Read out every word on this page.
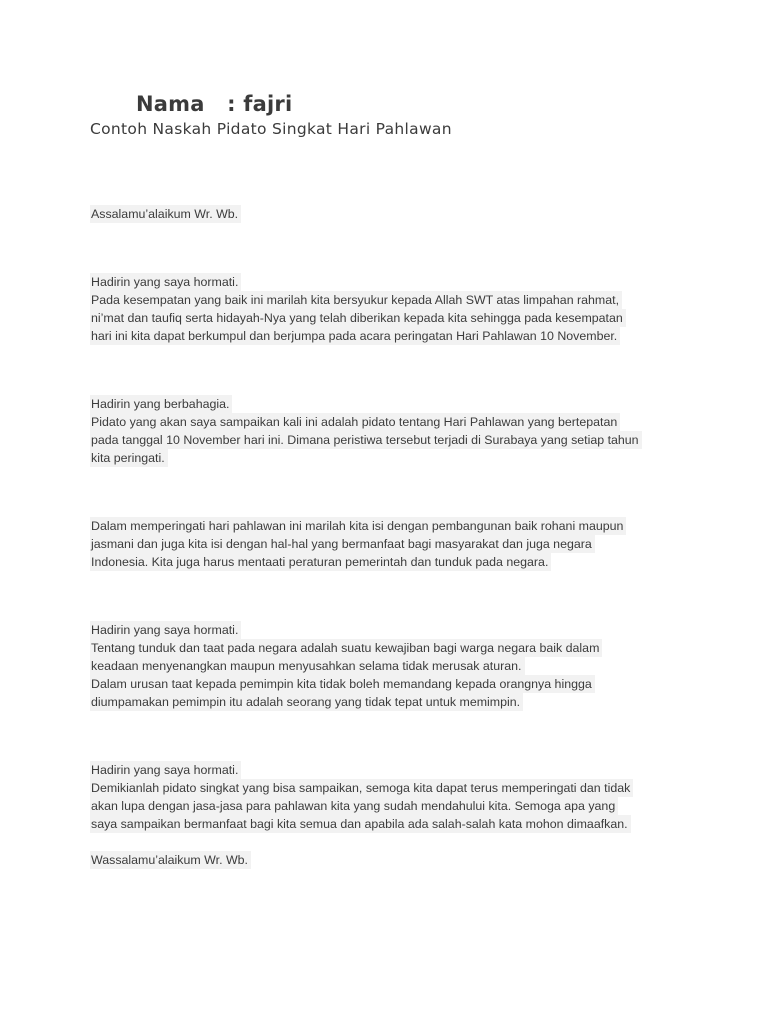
Nama : fajri
Contoh Naskah Pidato Singkat Hari Pahlawan
Assalamu’alaikum Wr. Wb.
Hadirin yang saya hormati.
Pada kesempatan yang baik ini marilah kita bersyukur kepada Allah SWT atas limpahan rahmat,
ni’mat dan taufiq serta hidayah-Nya yang telah diberikan kepada kita sehingga pada kesempatan
hari ini kita dapat berkumpul dan berjumpa pada acara peringatan Hari Pahlawan 10 November.
Hadirin yang berbahagia.
Pidato yang akan saya sampaikan kali ini adalah pidato tentang Hari Pahlawan yang bertepatan
pada tanggal 10 November hari ini. Dimana peristiwa tersebut terjadi di Surabaya yang setiap tahun
kita peringati.
Dalam memperingati hari pahlawan ini marilah kita isi dengan pembangunan baik rohani maupun
jasmani dan juga kita isi dengan hal-hal yang bermanfaat bagi masyarakat dan juga negara
Indonesia. Kita juga harus mentaati peraturan pemerintah dan tunduk pada negara.
Hadirin yang saya hormati.
Tentang tunduk dan taat pada negara adalah suatu kewajiban bagi warga negara baik dalam
keadaan menyenangkan maupun menyusahkan selama tidak merusak aturan.
Dalam urusan taat kepada pemimpin kita tidak boleh memandang kepada orangnya hingga
diumpamakan pemimpin itu adalah seorang yang tidak tepat untuk memimpin.
Hadirin yang saya hormati.
Demikianlah pidato singkat yang bisa sampaikan, semoga kita dapat terus memperingati dan tidak
akan lupa dengan jasa-jasa para pahlawan kita yang sudah mendahului kita. Semoga apa yang
saya sampaikan bermanfaat bagi kita semua dan apabila ada salah-salah kata mohon dimaafkan.
Wassalamu’alaikum Wr. Wb.
